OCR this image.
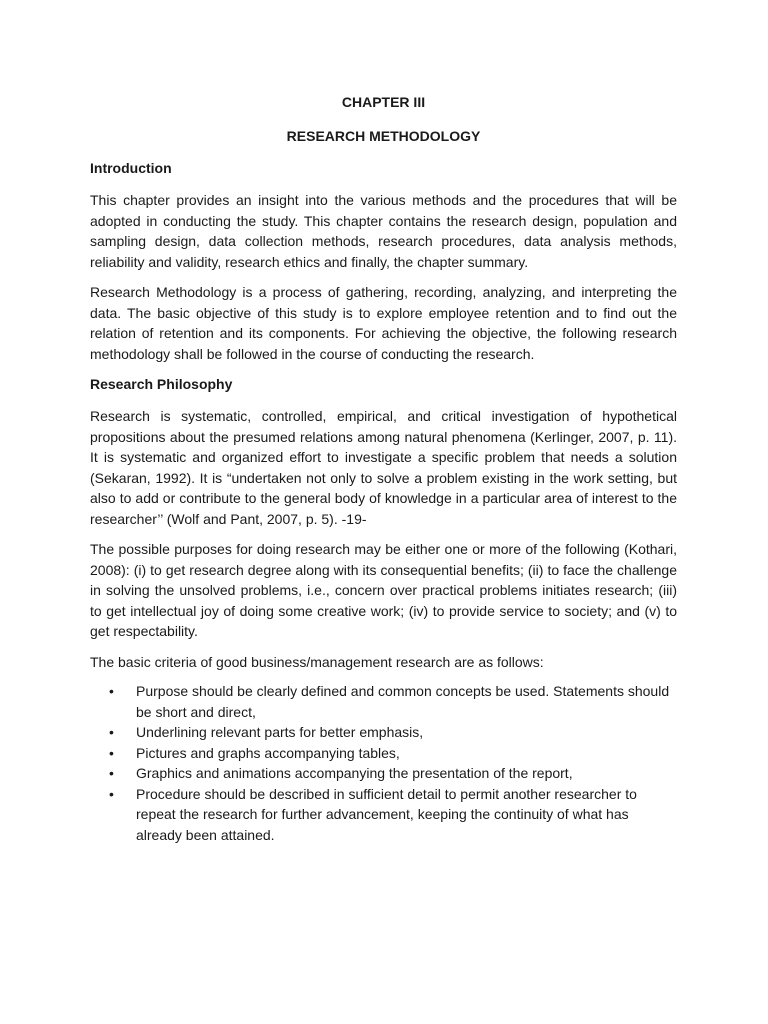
CHAPTER III
RESEARCH METHODOLOGY
Introduction

This chapter provides an insight into the various methods and the procedures that will be adopted in conducting the study. This chapter contains the research design, population and sampling design, data collection methods, research procedures, data analysis methods, reliability and validity, research ethics and finally, the chapter summary.

Research Methodology is a process of gathering, recording, analyzing, and interpreting the data. The basic objective of this study is to explore employee retention and to find out the relation of retention and its components. For achieving the objective, the following research methodology shall be followed in the course of conducting the research.

Research Philosophy

Research is systematic, controlled, empirical, and critical investigation of hypothetical propositions about the presumed relations among natural phenomena (Kerlinger, 2007, p. 11). It is systematic and organized effort to investigate a specific problem that needs a solution (Sekaran, 1992). It is “undertaken not only to solve a problem existing in the work setting, but also to add or contribute to the general body of knowledge in a particular area of interest to the researcher’’ (Wolf and Pant, 2007, p. 5). -19-

The possible purposes for doing research may be either one or more of the following (Kothari, 2008): (i) to get research degree along with its consequential benefits; (ii) to face the challenge in solving the unsolved problems, i.e., concern over practical problems initiates research; (iii) to get intellectual joy of doing some creative work; (iv) to provide service to society; and (v) to get respectability.

The basic criteria of good business/management research are as follows:

• Purpose should be clearly defined and common concepts be used. Statements should be short and direct,
• Underlining relevant parts for better emphasis,
• Pictures and graphs accompanying tables,
• Graphics and animations accompanying the presentation of the report,
• Procedure should be described in sufficient detail to permit another researcher to repeat the research for further advancement, keeping the continuity of what has already been attained.
